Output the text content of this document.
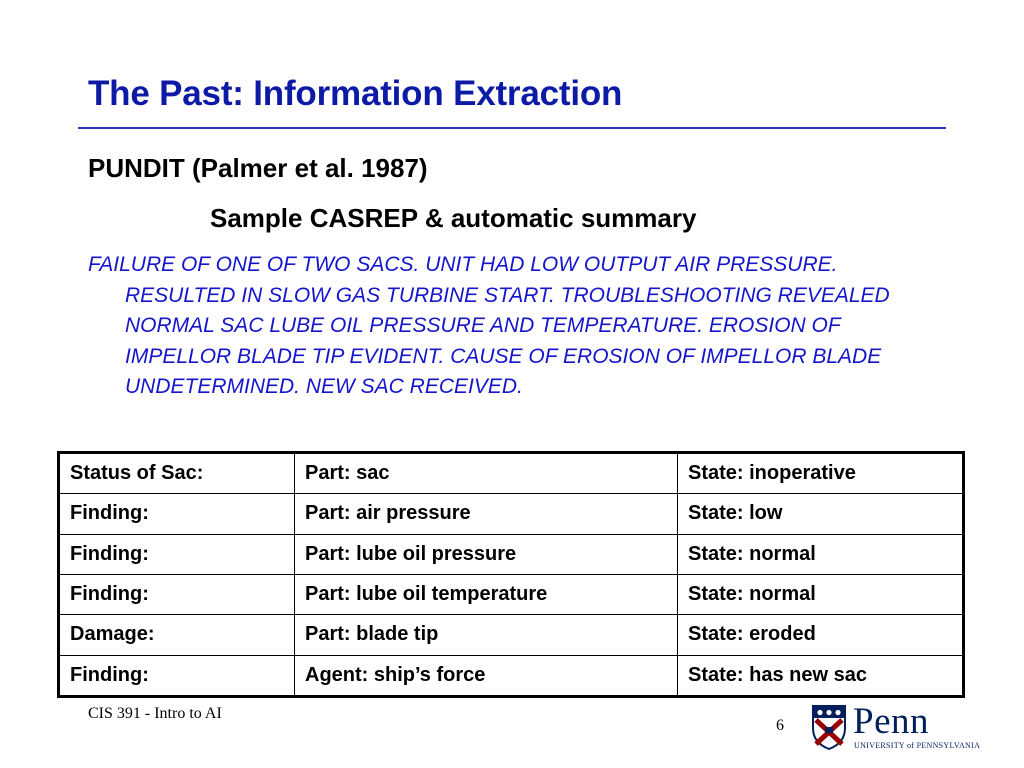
The Past: Information Extraction
PUNDIT (Palmer et al. 1987)
Sample CASREP & automatic summary

FAILURE OF ONE OF TWO SACS. UNIT HAD LOW OUTPUT AIR PRESSURE. RESULTED IN SLOW GAS TURBINE START. TROUBLESHOOTING REVEALED NORMAL SAC LUBE OIL PRESSURE AND TEMPERATURE. EROSION OF IMPELLOR BLADE TIP EVIDENT. CAUSE OF EROSION OF IMPELLOR BLADE UNDETERMINED. NEW SAC RECEIVED.

Status of Sac:	Part: sac	State: inoperative
Finding:	Part: air pressure	State: low
Finding:	Part: lube oil pressure	State: normal
Finding:	Part: lube oil temperature	State: normal
Damage:	Part: blade tip	State: eroded
Finding:	Agent: ship’s force	State: has new sac
CIS 391 - Intro to AI
6 Penn
UNIVERSITY of PENNSYLVANIA
